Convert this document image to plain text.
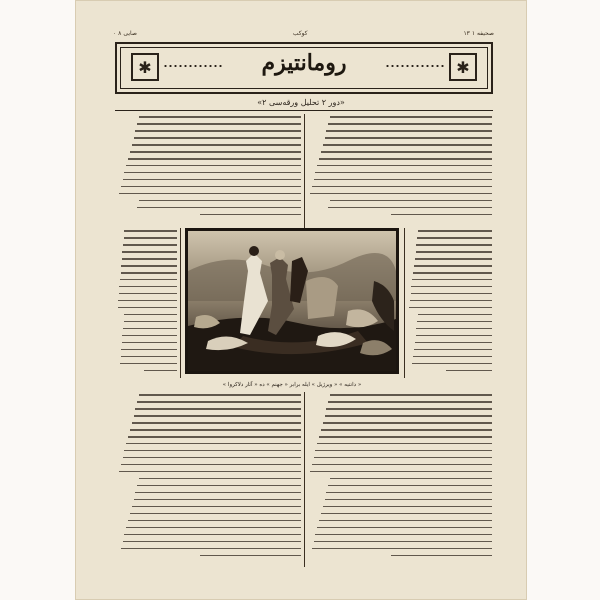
صحيفه ۱ ۱۳
كوكب
صايى ۸ ۰
✱
رومانتيزم
✱
«دور ۲ تحليل ورقه‌سى ۲»
« دانتيه » « ويرژيل » ايله برابر « جهنم » ده « آثار دلاكروا »
